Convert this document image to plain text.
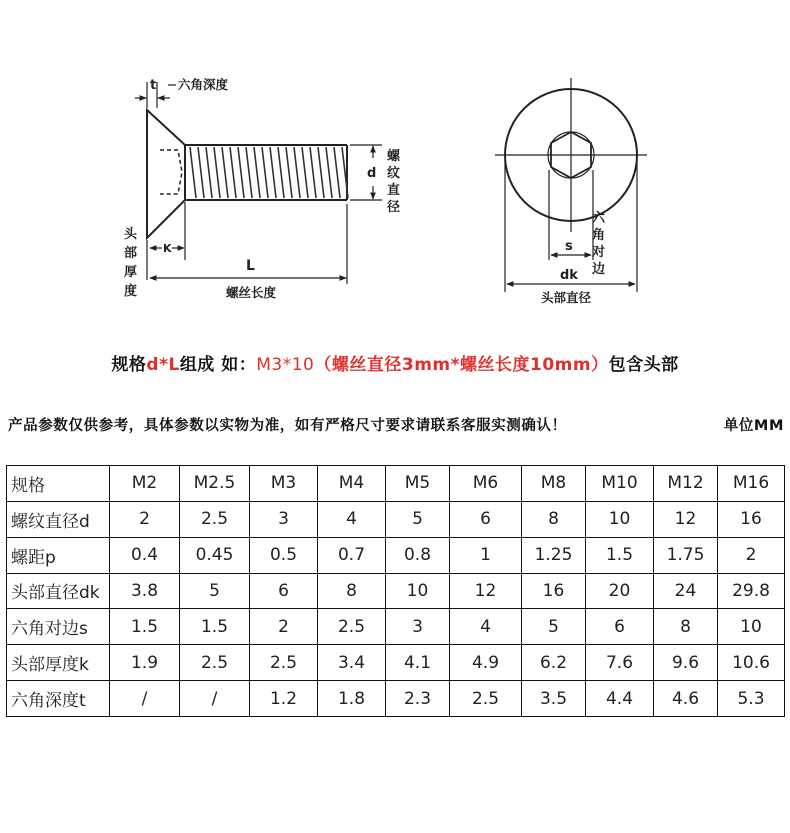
t 六角深度
K
头
部
厚
度
L
螺丝长度
d
螺
纹
直
径
s
六
角
对
边
dk
头部直径
规格d*L组成 如：M3*10（螺丝直径3mm*螺丝长度10mm）包含头部
产品参数仅供参考，具体参数以实物为准，如有严格尺寸要求请联系客服实测确认！	单位MM
规格	M2	M2.5	M3	M4	M5	M6	M8	M10	M12	M16
螺纹直径d	2	2.5	3	4	5	6	8	10	12	16
螺距p	0.4	0.45	0.5	0.7	0.8	1	1.25	1.5	1.75	2
头部直径dk	3.8	5	6	8	10	12	16	20	24	29.8
六角对边s	1.5	1.5	2	2.5	3	4	5	6	8	10
头部厚度k	1.9	2.5	2.5	3.4	4.1	4.9	6.2	7.6	9.6	10.6
六角深度t	/	/	1.2	1.8	2.3	2.5	3.5	4.4	4.6	5.3
